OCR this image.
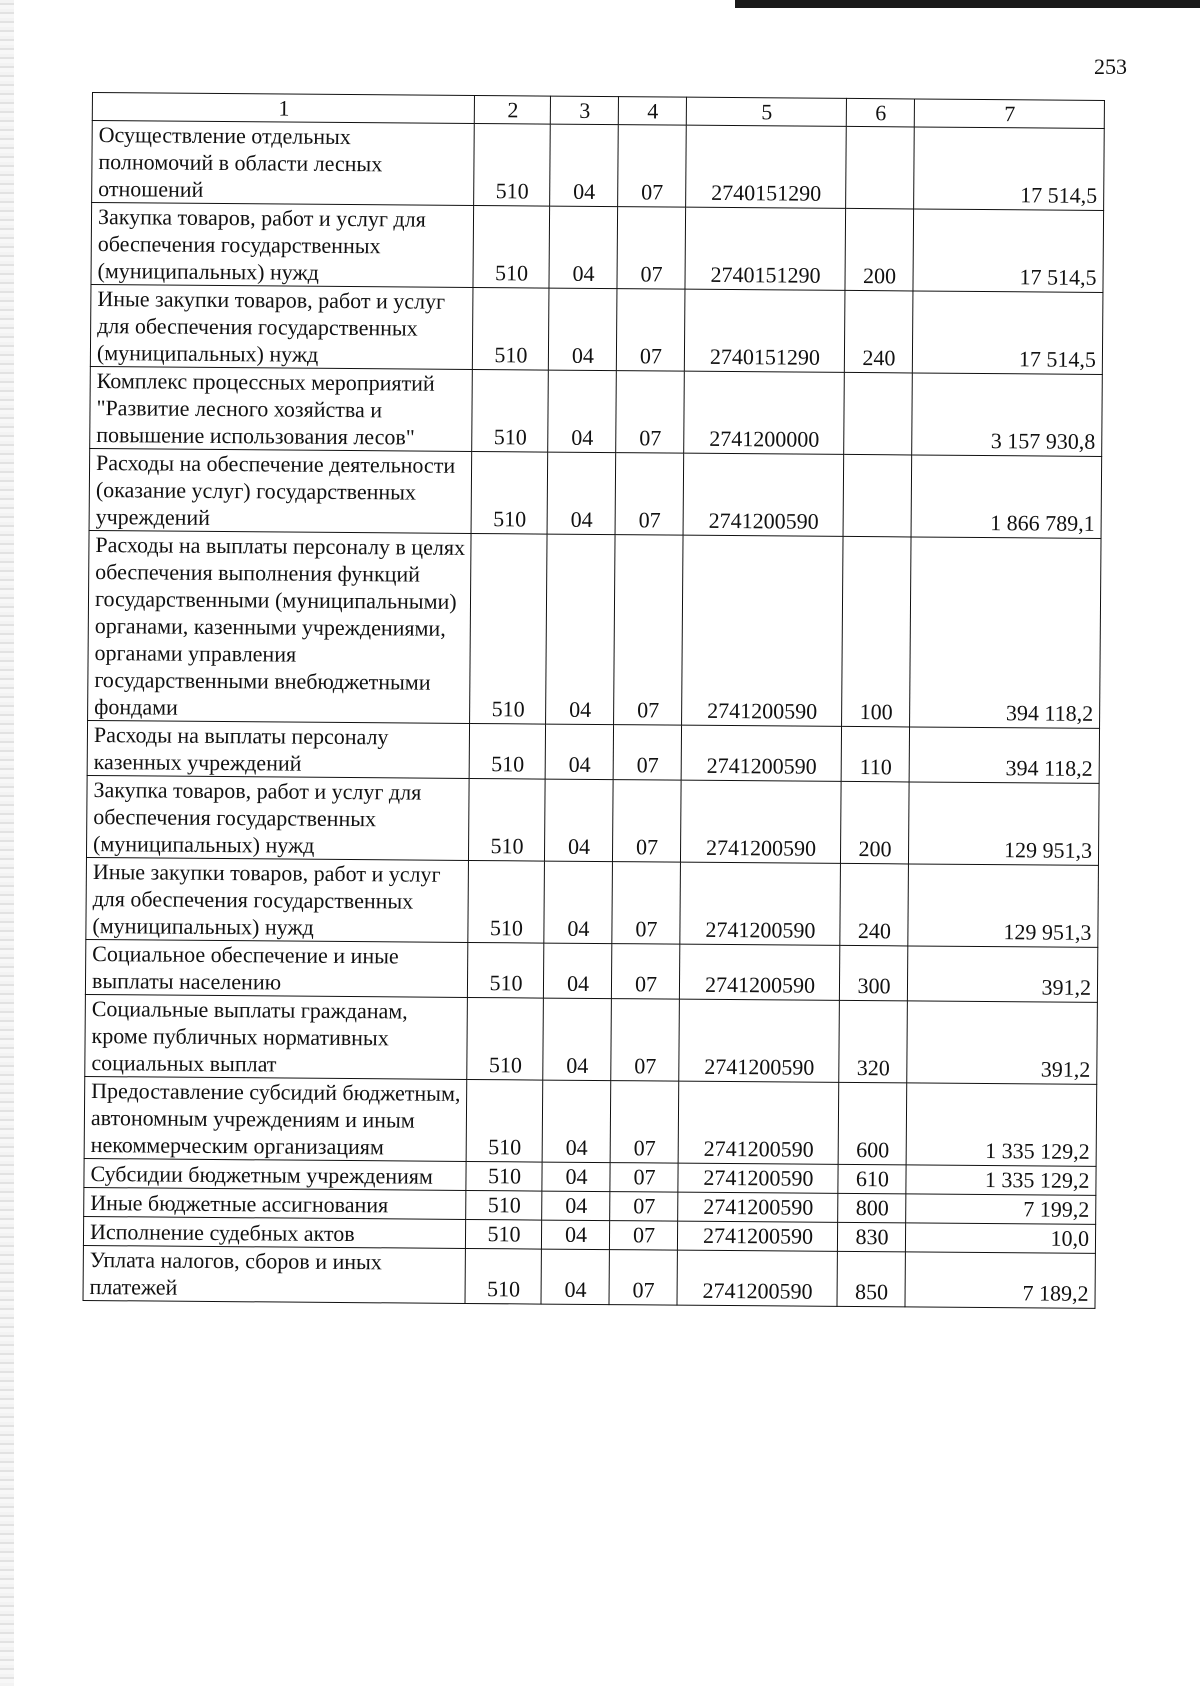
253
1	2	3	4	5	6	7
Осуществление отдельных полномочий в области лесных отношений	510	04	07	2740151290		17 514,5
Закупка товаров, работ и услуг для обеспечения государственных (муниципальных) нужд	510	04	07	2740151290	200	17 514,5
Иные закупки товаров, работ и услуг для обеспечения государственных (муниципальных) нужд	510	04	07	2740151290	240	17 514,5
Комплекс процессных мероприятий "Развитие лесного хозяйства и повышение использования лесов"	510	04	07	2741200000		3 157 930,8
Расходы на обеспечение деятельности (оказание услуг) государственных учреждений	510	04	07	2741200590		1 866 789,1
Расходы на выплаты персоналу в целях обеспечения выполнения функций государственными (муниципальными) органами, казенными учреждениями, органами управления государственными внебюджетными фондами	510	04	07	2741200590	100	394 118,2
Расходы на выплаты персоналу казенных учреждений	510	04	07	2741200590	110	394 118,2
Закупка товаров, работ и услуг для обеспечения государственных (муниципальных) нужд	510	04	07	2741200590	200	129 951,3
Иные закупки товаров, работ и услуг для обеспечения государственных (муниципальных) нужд	510	04	07	2741200590	240	129 951,3
Социальное обеспечение и иные выплаты населению	510	04	07	2741200590	300	391,2
Социальные выплаты гражданам, кроме публичных нормативных социальных выплат	510	04	07	2741200590	320	391,2
Предоставление субсидий бюджетным, автономным учреждениям и иным некоммерческим организациям	510	04	07	2741200590	600	1 335 129,2
Субсидии бюджетным учреждениям	510	04	07	2741200590	610	1 335 129,2
Иные бюджетные ассигнования	510	04	07	2741200590	800	7 199,2
Исполнение судебных актов	510	04	07	2741200590	830	10,0
Уплата налогов, сборов и иных платежей	510	04	07	2741200590	850	7 189,2
